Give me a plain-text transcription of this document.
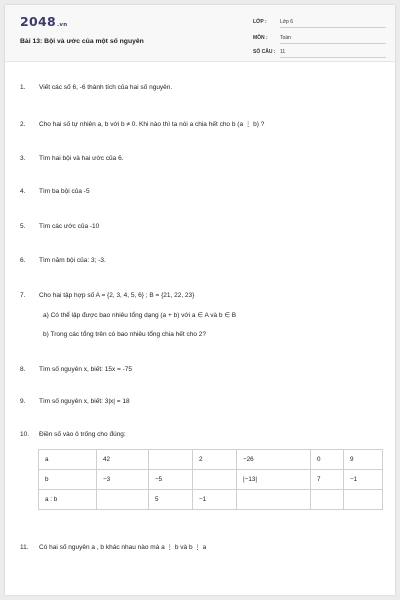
2048.vn
Bài 13: Bội và ước của một số nguyên
LỚP :	Lớp 6
MÔN : Toán
SỐ CÂU : 11
1. Viết các số 6, -6 thành tích của hai số nguyên.
2. Cho hai số tự nhiên a, b với b ≠ 0. Khi nào thì ta nói a chia hết cho b (a ⋮ b) ?
3. Tìm hai bội và hai ước của 6.
4. Tìm ba bội của -5
5. Tìm các ước của -10
6. Tìm năm bội của: 3; -3.
7. Cho hai tập hợp số A = {2, 3, 4, 5, 6} ; B = {21, 22, 23}
a) Có thể lập được bao nhiêu tổng dạng (a + b) với a ∈ A và b ∈ B
b) Trong các tổng trên có bao nhiêu tổng chia hết cho 2?
8. Tìm số nguyên x, biết: 15x = -75
9. Tìm số nguyên x, biết: 3|x| = 18
10. Điền số vào ô trống cho đúng:
a	42		2	−26	0	9
b	−3	−5		|−13|	7	−1
a : b		5	−1			
11. Có hai số nguyên a , b khác nhau nào mà a ⋮ b và b ⋮ a
